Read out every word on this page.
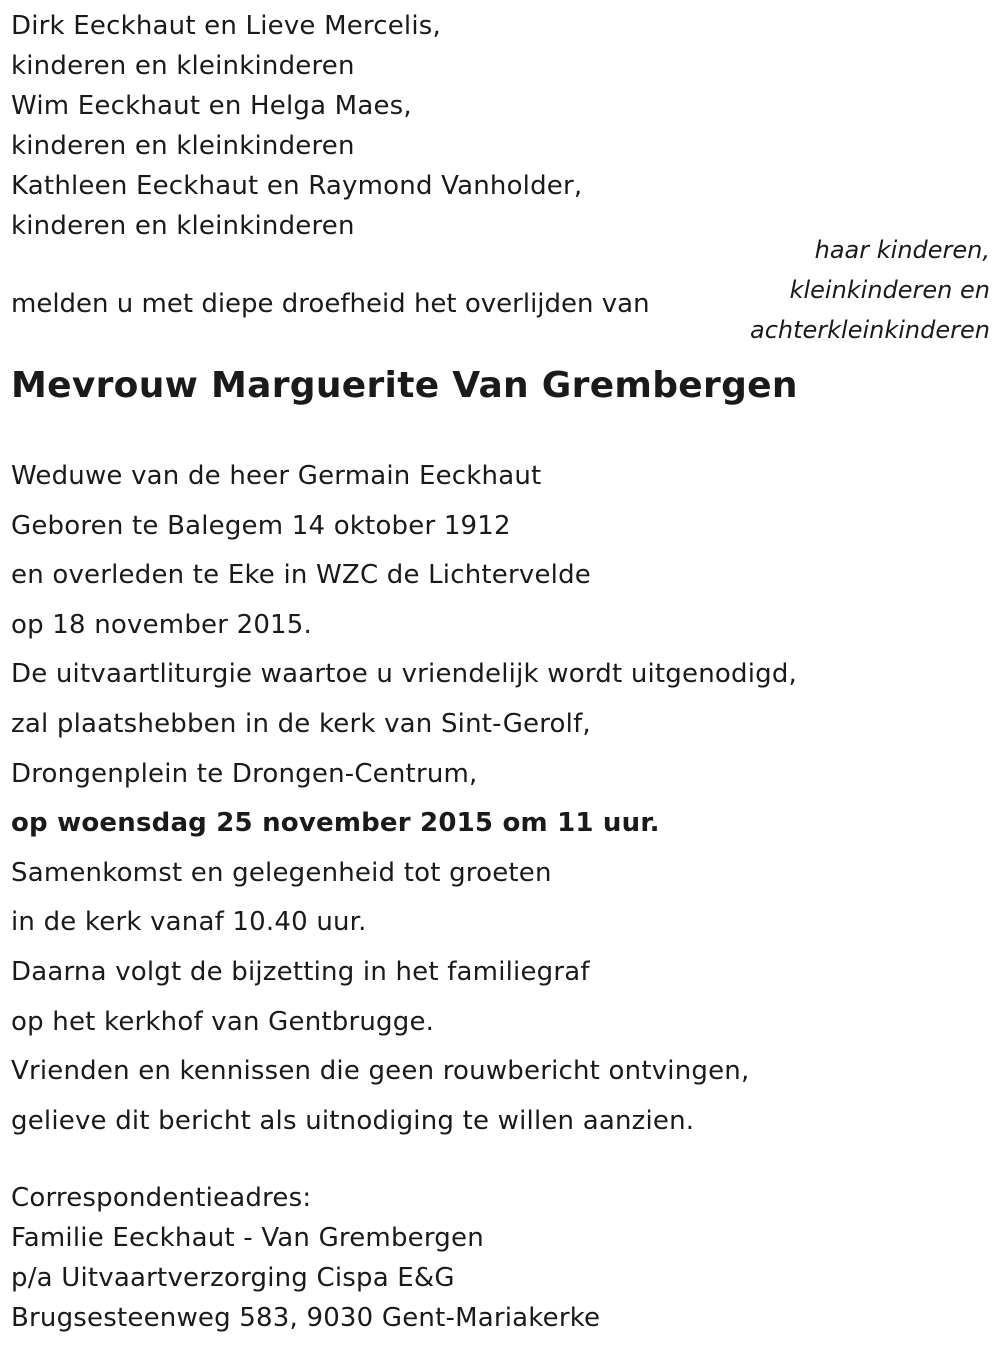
Dirk Eeckhaut en Lieve Mercelis,
kinderen en kleinkinderen
Wim Eeckhaut en Helga Maes,
kinderen en kleinkinderen
Kathleen Eeckhaut en Raymond Vanholder,
kinderen en kleinkinderen
haar kinderen,
kleinkinderen en
achterkleinkinderen
melden u met diepe droefheid het overlijden van
Mevrouw Marguerite Van Grembergen
Weduwe van de heer Germain Eeckhaut
Geboren te Balegem 14 oktober 1912
en overleden te Eke in WZC de Lichtervelde
op 18 november 2015.
De uitvaartliturgie waartoe u vriendelijk wordt uitgenodigd,
zal plaatshebben in de kerk van Sint-Gerolf,
Drongenplein te Drongen-Centrum,
op woensdag 25 november 2015 om 11 uur.
Samenkomst en gelegenheid tot groeten
in de kerk vanaf 10.40 uur.
Daarna volgt de bijzetting in het familiegraf
op het kerkhof van Gentbrugge.
Vrienden en kennissen die geen rouwbericht ontvingen,
gelieve dit bericht als uitnodiging te willen aanzien.
Correspondentieadres:
Familie Eeckhaut - Van Grembergen
p/a Uitvaartverzorging Cispa E&G
Brugsesteenweg 583, 9030 Gent-Mariakerke
